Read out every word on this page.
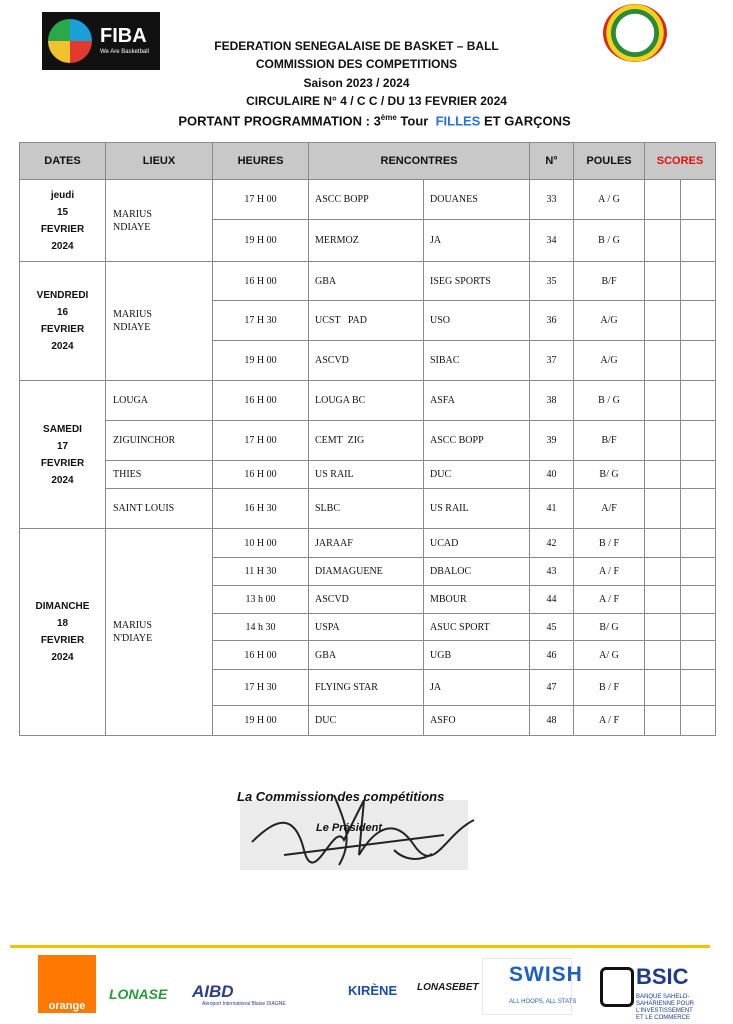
FIBA
We Are Basketball	FEDERATION SENEGALAISE DE BASKET – BALL
COMMISSION DES COMPETITIONS
Saison 2023 / 2024
CIRCULAIRE N° 4 / C C / DU 13 FEVRIER 2024
PORTANT PROGRAMMATION : 3ème Tour  FILLES ET GARÇONS
DATES	LIEUX	HEURES	RENCONTRES		N°	POULES	SCORES	
jeudi
15
FEVRIER
2024	MARIUS
NDIAYE	17 H 00	ASCC BOPP	DOUANES	33	A / G		
		19 H 00	MERMOZ	JA	34	B / G		
VENDREDI
16
FEVRIER
2024	MARIUS
NDIAYE	16 H 00	GBA	ISEG SPORTS	35	B/F		
		17 H 30	UCST   PAD	USO	36	A/G		
		19 H 00	ASCVD	SIBAC	37	A/G		
SAMEDI
17
FEVRIER
2024	LOUGA	16 H 00	LOUGA BC	ASFA	38	B / G		
	ZIGUINCHOR	17 H 00	CEMT  ZIG	ASCC BOPP	39	B/F		
	THIES	16 H 00	US RAIL	DUC	40	B/ G		
	SAINT LOUIS	16 H 30	SLBC	US RAIL	41	A/F		
DIMANCHE
18
FEVRIER
2024	MARIUS
N'DIAYE	10 H 00	JARAAF	UCAD	42	B / F		
		11 H 30	DIAMAGUENE	DBALOC	43	A / F		
		13 h 00	ASCVD	MBOUR	44	A / F		
		14 h 30	USPA	ASUC SPORT	45	B/ G		
		16 H 00	GBA	UGB	46	A/ G		
		17 H 30	FLYING STAR	JA	47	B / F		
		19 H 00	DUC	ASFO	48	A / F		
La Commission des compétitions
Le Président
orange
LONASE AIBD
Aéroport International Blaise DIAGNE
KIRÈNE LONASEBET
SWISH
ALL HOOPS, ALL STATS
BSIC
BANQUE SAHELO-SAHARIENNE POUR L'INVESTISSEMENT ET LE COMMERCE
